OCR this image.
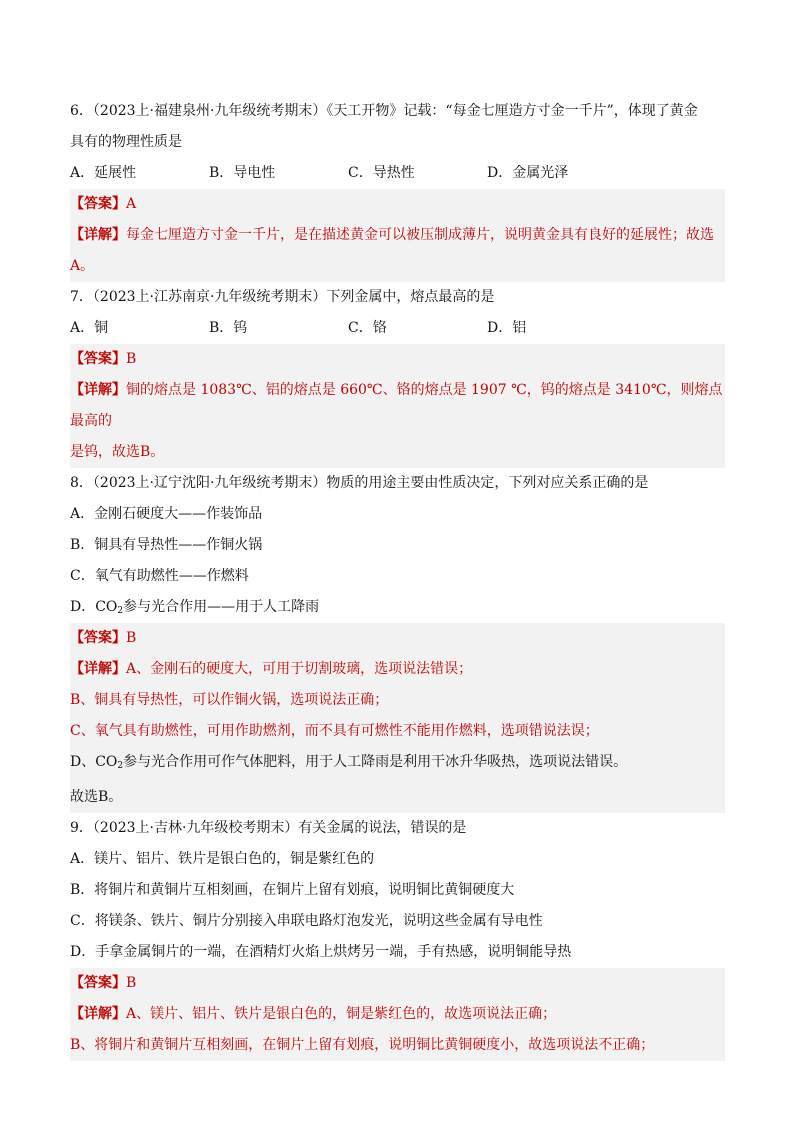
6．（2023上·福建泉州·九年级统考期末）《天工开物》记载：“每金七厘造方寸金一千片”，体现了黄金
具有的物理性质是
A．延展性	B．导电性	C．导热性	D．金属光泽
【答案】A
【详解】每金七厘造方寸金一千片，是在描述黄金可以被压制成薄片，说明黄金具有良好的延展性；故选
A。
7．（2023上·江苏南京·九年级统考期末）下列金属中，熔点最高的是
A．铜	B．钨	C．铬	D．铝
【答案】B
【详解】铜的熔点是 1083℃、铝的熔点是 660℃、铬的熔点是 1907 ℃，钨的熔点是 3410℃，则熔点最高的
是钨，故选B。
8．（2023上·辽宁沈阳·九年级统考期末）物质的用途主要由性质决定，下列对应关系正确的是
A．金刚石硬度大——作装饰品
B．铜具有导热性——作铜火锅
C．氧气有助燃性——作燃料
D．$CO_2$参与光合作用——用于人工降雨
【答案】B
【详解】A、金刚石的硬度大，可用于切割玻璃，选项说法错误；
B、铜具有导热性，可以作铜火锅，选项说法正确；
C、氧气具有助燃性，可用作助燃剂，而不具有可燃性不能用作燃料，选项错说法误；
D、$CO_2$参与光合作用可作气体肥料，用于人工降雨是利用干冰升华吸热，选项说法错误。
故选B。
9．（2023上·吉林·九年级校考期末）有关金属的说法，错误的是
A．镁片、铝片、铁片是银白色的，铜是紫红色的
B．将铜片和黄铜片互相刻画，在铜片上留有划痕，说明铜比黄铜硬度大
C．将镁条、铁片、铜片分别接入串联电路灯泡发光，说明这些金属有导电性
D．手拿金属铜片的一端，在酒精灯火焰上烘烤另一端，手有热感，说明铜能导热
【答案】B
【详解】A、镁片、铝片、铁片是银白色的，铜是紫红色的，故选项说法正确；
B、将铜片和黄铜片互相刻画，在铜片上留有划痕，说明铜比黄铜硬度小，故选项说法不正确；
